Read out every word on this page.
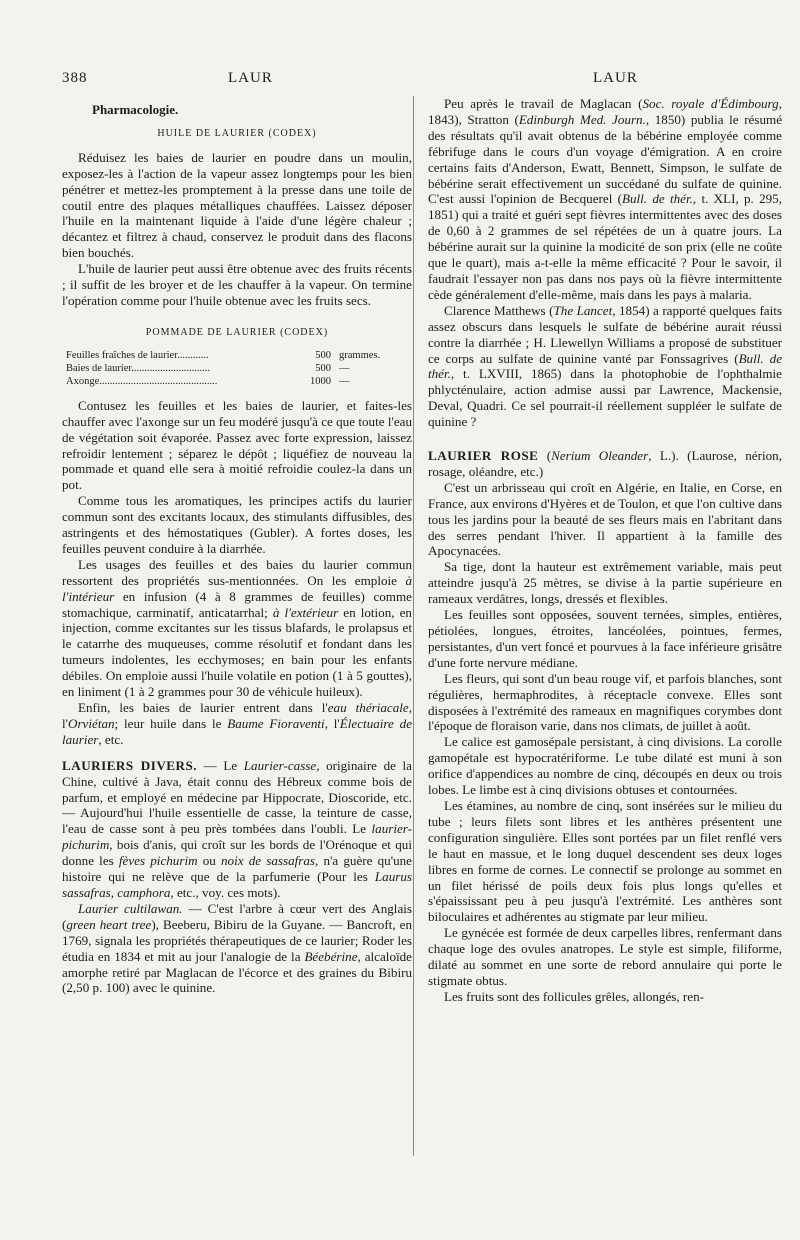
388	LAUR	LAUR
Pharmacologie.
HUILE DE LAURIER (CODEX)

Réduisez les baies de laurier en poudre dans un moulin, exposez-les à l'action de la vapeur assez longtemps pour les bien pénétrer et mettez-les promptement à la presse dans une toile de coutil entre des plaques métalliques chauffées. Laissez déposer l'huile en la maintenant liquide à l'aide d'une légère chaleur ; décantez et filtrez à chaud, conservez le produit dans des flacons bien bouchés.

L'huile de laurier peut aussi être obtenue avec des fruits récents ; il suffit de les broyer et de les chauffer à la vapeur. On termine l'opération comme pour l'huile obtenue avec les fruits secs.

POMMADE DE LAURIER (CODEX)
Feuilles fraîches de laurier............	500 grammes.
Baies de laurier..............................	500 —
Axonge.............................................	1000 —

Contusez les feuilles et les baies de laurier, et faites-les chauffer avec l'axonge sur un feu modéré jusqu'à ce que toute l'eau de végétation soit évaporée. Passez avec forte expression, laissez refroidir lentement ; séparez le dépôt ; liquéfiez de nouveau la pommade et quand elle sera à moitié refroidie coulez-la dans un pot.

Comme tous les aromatiques, les principes actifs du laurier commun sont des excitants locaux, des stimulants diffusibles, des astringents et des hémostatiques (Gubler). A fortes doses, les feuilles peuvent conduire à la diarrhée.

Les usages des feuilles et des baies du laurier commun ressortent des propriétés sus-mentionnées. On les emploie à l'intérieur en infusion (4 à 8 grammes de feuilles) comme stomachique, carminatif, anticatarrhal; à l'extérieur en lotion, en injection, comme excitantes sur les tissus blafards, le prolapsus et le catarrhe des muqueuses, comme résolutif et fondant dans les tumeurs indolentes, les ecchymoses; en bain pour les enfants débiles. On emploie aussi l'huile volatile en potion (1 à 5 gouttes), en liniment (1 à 2 grammes pour 30 de véhicule huileux).

Enfin, les baies de laurier entrent dans l'eau thériacale, l'Orviétan; leur huile dans le Baume Fioraventi, l'Électuaire de laurier, etc.

LAURIERS DIVERS. — Le Laurier-casse, originaire de la Chine, cultivé à Java, était connu des Hébreux comme bois de parfum, et employé en médecine par Hippocrate, Dioscoride, etc. — Aujourd'hui l'huile essentielle de casse, la teinture de casse, l'eau de casse sont à peu près tombées dans l'oubli. Le laurier-pichurim, bois d'anis, qui croît sur les bords de l'Orénoque et qui donne les fèves pichurim ou noix de sassafras, n'a guère qu'une histoire qui ne relève que de la parfumerie (Pour les Laurus sassafras, camphora, etc., voy. ces mots).

Laurier cultilawan. — C'est l'arbre à cœur vert des Anglais (green heart tree), Beeberu, Bibiru de la Guyane. — Bancroft, en 1769, signala les propriétés thérapeutiques de ce laurier; Roder les étudia en 1834 et mit au jour l'analogie de la Béebérine, alcaloïde amorphe retiré par Maglacan de l'écorce et des graines du Bibiru (2,50 p. 100) avec le quinine.

Peu après le travail de Maglacan (Soc. royale d'Édimbourg, 1843), Stratton (Edinburgh Med. Journ., 1850) publia le résumé des résultats qu'il avait obtenus de la bébérine employée comme fébrifuge dans le cours d'un voyage d'émigration. A en croire certains faits d'Anderson, Ewatt, Bennett, Simpson, le sulfate de bébérine serait effectivement un succédané du sulfate de quinine. C'est aussi l'opinion de Becquerel (Bull. de thér., t. XLI, p. 295, 1851) qui a traité et guéri sept fièvres intermittentes avec des doses de 0,60 à 2 grammes de sel répétées de un à quatre jours. La bébérine aurait sur la quinine la modicité de son prix (elle ne coûte que le quart), mais a-t-elle la même efficacité ? Pour le savoir, il faudrait l'essayer non pas dans nos pays où la fièvre intermittente cède généralement d'elle-même, mais dans les pays à malaria.

Clarence Matthews (The Lancet, 1854) a rapporté quelques faits assez obscurs dans lesquels le sulfate de bébérine aurait réussi contre la diarrhée ; H. Llewellyn Williams a proposé de substituer ce corps au sulfate de quinine vanté par Fonssagrives (Bull. de thér., t. LXVIII, 1865) dans la photophobie de l'ophthalmie phlycténulaire, action admise aussi par Lawrence, Mackensie, Deval, Quadri. Ce sel pourrait-il réellement suppléer le sulfate de quinine ?

LAURIER ROSE (Nerium Oleander, L.). (Laurose, nérion, rosage, oléandre, etc.)

C'est un arbrisseau qui croît en Algérie, en Italie, en Corse, en France, aux environs d'Hyères et de Toulon, et que l'on cultive dans tous les jardins pour la beauté de ses fleurs mais en l'abritant dans des serres pendant l'hiver. Il appartient à la famille des Apocynacées.

Sa tige, dont la hauteur est extrêmement variable, mais peut atteindre jusqu'à 25 mètres, se divise à la partie supérieure en rameaux verdâtres, longs, dressés et flexibles.

Les feuilles sont opposées, souvent ternées, simples, entières, pétiolées, longues, étroites, lancéolées, pointues, fermes, persistantes, d'un vert foncé et pourvues à la face inférieure grisâtre d'une forte nervure médiane.

Les fleurs, qui sont d'un beau rouge vif, et parfois blanches, sont régulières, hermaphrodites, à réceptacle convexe. Elles sont disposées à l'extrémité des rameaux en magnifiques corymbes dont l'époque de floraison varie, dans nos climats, de juillet à août.

Le calice est gamosépale persistant, à cinq divisions. La corolle gamopétale est hypocratériforme. Le tube dilaté est muni à son orifice d'appendices au nombre de cinq, découpés en deux ou trois lobes. Le limbe est à cinq divisions obtuses et contournées.

Les étamines, au nombre de cinq, sont insérées sur le milieu du tube ; leurs filets sont libres et les anthères présentent une configuration singulière. Elles sont portées par un filet renflé vers le haut en massue, et le long duquel descendent ses deux loges libres en forme de cornes. Le connectif se prolonge au sommet en un filet hérissé de poils deux fois plus longs qu'elles et s'épaississant peu à peu jusqu'à l'extrémité. Les anthères sont biloculaires et adhérentes au stigmate par leur milieu.

Le gynécée est formée de deux carpelles libres, renfermant dans chaque loge des ovules anatropes. Le style est simple, filiforme, dilaté au sommet en une sorte de rebord annulaire qui porte le stigmate obtus.

Les fruits sont des follicules grêles, allongés, ren-
